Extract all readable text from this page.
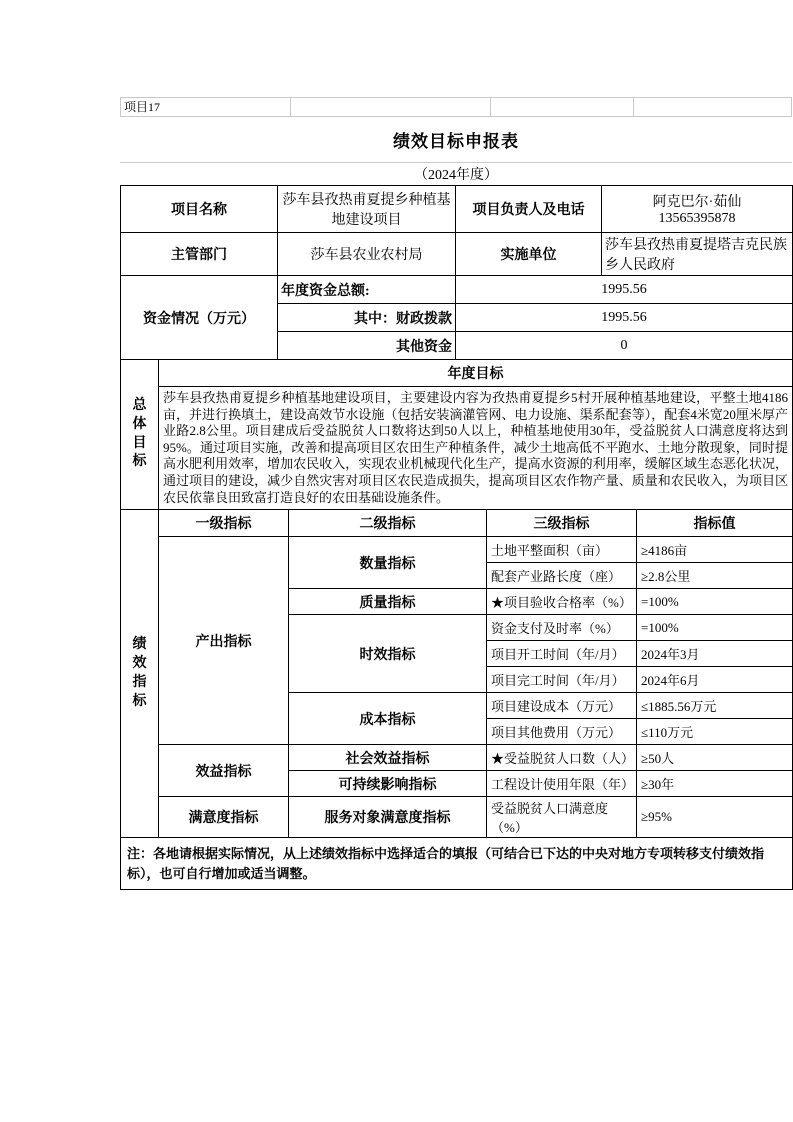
项目17
绩效目标申报表
（2024年度）
项目名称	莎车县孜热甫夏提乡种植基地建设项目	项目负责人及电话	阿克巴尔·茹仙
13565395878

主管部门	莎车县农业农村局	实施单位	莎车县孜热甫夏提塔吉克民族乡人民政府
资金情况（万元）	年度资金总额:	1995.56	
	其中：财政拨款	1995.56	
	其他资金	0	
总体目标	年度目标
莎车县孜热甫夏提乡种植基地建设项目，主要建设内容为孜热甫夏提乡5村开展种植基地建设，平整土地4186亩，并进行换填土，建设高效节水设施（包括安装滴灌管网、电力设施、渠系配套等），配套4米宽20厘米厚产业路2.8公里。项目建成后受益脱贫人口数将达到50人以上，种植基地使用30年，受益脱贫人口满意度将达到95%。通过项目实施，改善和提高项目区农田生产种植条件，减少土地高低不平跑水、土地分散现象，同时提高水肥利用效率，增加农民收入，实现农业机械现代化生产，提高水资源的利用率，缓解区域生态恶化状况，通过项目的建设，减少自然灾害对项目区农民造成损失，提高项目区农作物产量、质量和农民收入，为项目区农民依靠良田致富打造良好的农田基础设施条件。
绩效指标	一级指标	二级指标	三级指标	指标值
	产出指标	数量指标	土地平整面积（亩）	≥4186亩
			配套产业路长度（座）	≥2.8公里
		质量指标	★项目验收合格率（%）	=100%
		时效指标	资金支付及时率（%）	=100%
			项目开工时间（年/月）	2024年3月
			项目完工时间（年/月）	2024年6月
		成本指标	项目建设成本（万元）	≤1885.56万元
			项目其他费用（万元）	≤110万元
	效益指标	社会效益指标	★受益脱贫人口数（人）	≥50人
		可持续影响指标	工程设计使用年限（年）	≥30年
	满意度指标	服务对象满意度指标	受益脱贫人口满意度（%）	≥95%
注：各地请根据实际情况，从上述绩效指标中选择适合的填报（可结合已下达的中央对地方专项转移支付绩效指标），也可自行增加或适当调整。
